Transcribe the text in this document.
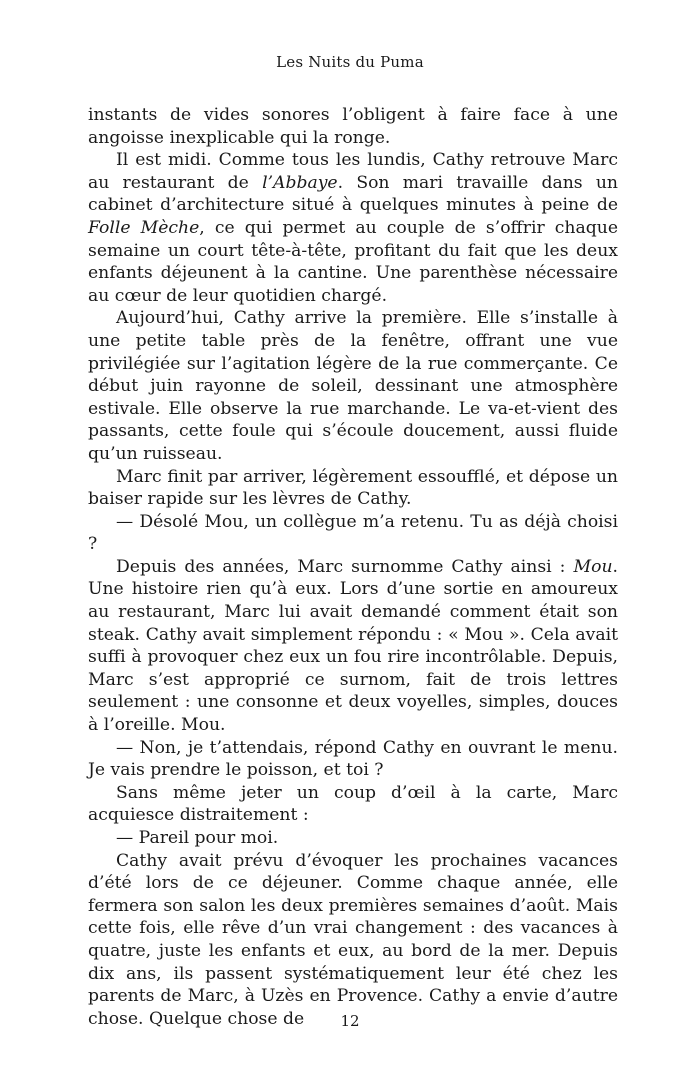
Les Nuits du Puma

instants de vides sonores l’obligent à faire face à une angoisse inexplicable qui la ronge.

Il est midi. Comme tous les lundis, Cathy retrouve Marc au restaurant de l’Abbaye. Son mari travaille dans un cabinet d’architecture situé à quelques minutes à peine de Folle Mèche, ce qui permet au couple de s’offrir chaque semaine un court tête-à-tête, profitant du fait que les deux enfants déjeunent à la cantine. Une parenthèse nécessaire au cœur de leur quotidien chargé.

Aujourd’hui, Cathy arrive la première. Elle s’installe à une petite table près de la fenêtre, offrant une vue privilégiée sur l’agitation légère de la rue commerçante. Ce début juin rayonne de soleil, dessinant une atmosphère estivale. Elle observe la rue marchande. Le va-et-vient des passants, cette foule qui s’écoule doucement, aussi fluide qu’un ruisseau.

Marc finit par arriver, légèrement essoufflé, et dépose un baiser rapide sur les lèvres de Cathy.

— Désolé Mou, un collègue m’a retenu. Tu as déjà choisi ?

Depuis des années, Marc surnomme Cathy ainsi : Mou. Une histoire rien qu’à eux. Lors d’une sortie en amoureux au restaurant, Marc lui avait demandé comment était son steak. Cathy avait simplement répondu : « Mou ». Cela avait suffi à provoquer chez eux un fou rire incontrôlable. Depuis, Marc s’est approprié ce surnom, fait de trois lettres seulement : une consonne et deux voyelles, simples, douces à l’oreille. Mou.

— Non, je t’attendais, répond Cathy en ouvrant le menu. Je vais prendre le poisson, et toi ?

Sans même jeter un coup d’œil à la carte, Marc acquiesce distraitement :

— Pareil pour moi.

Cathy avait prévu d’évoquer les prochaines vacances d’été lors de ce déjeuner. Comme chaque année, elle fermera son salon les deux premières semaines d’août. Mais cette fois, elle rêve d’un vrai changement : des vacances à quatre, juste les enfants et eux, au bord de la mer. Depuis dix ans, ils passent systématiquement leur été chez les parents de Marc, à Uzès en Provence. Cathy a envie d’autre chose. Quelque chose de	12
